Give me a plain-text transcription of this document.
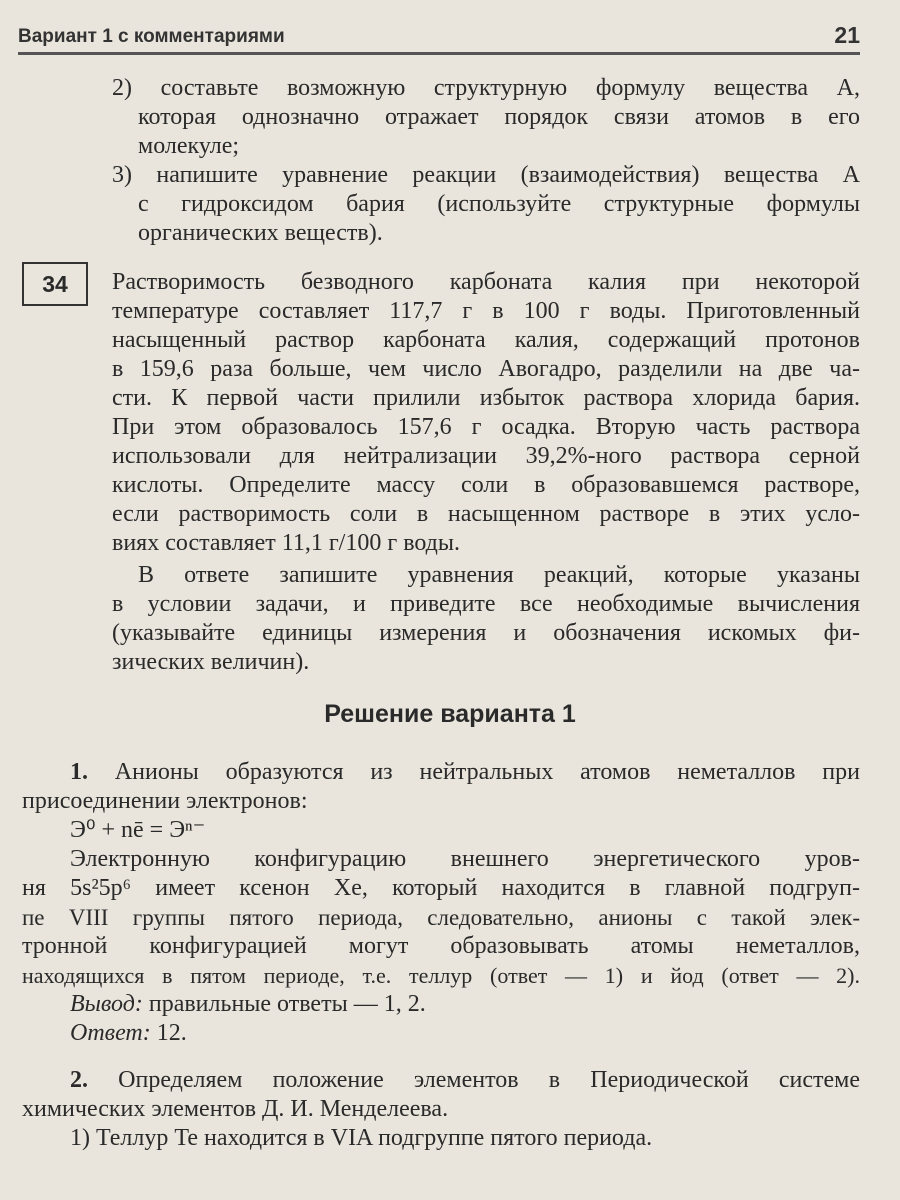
Вариант 1 с комментариями	21
2) составьте возможную структурную формулу вещества A,
которая однозначно отражает порядок связи атомов в его
молекуле;
3) напишите уравнение реакции (взаимодействия) вещества A
с гидроксидом бария (используйте структурные формулы
органических веществ).
34	Растворимость безводного карбоната калия при некоторой
температуре составляет 117,7 г в 100 г воды. Приготовленный
насыщенный раствор карбоната калия, содержащий протонов
в 159,6 раза больше, чем число Авогадро, разделили на две ча-
сти. К первой части прилили избыток раствора хлорида бария.
При этом образовалось 157,6 г осадка. Вторую часть раствора
использовали для нейтрализации 39,2%-ного раствора серной
кислоты. Определите массу соли в образовавшемся растворе,
если растворимость соли в насыщенном растворе в этих усло-
виях составляет 11,1 г/100 г воды.
В ответе запишите уравнения реакций, которые указаны
в условии задачи, и приведите все необходимые вычисления
(указывайте единицы измерения и обозначения искомых фи-
зических величин).
Решение варианта 1
1. Анионы образуются из нейтральных атомов неметаллов при
присоединении электронов:
Э⁰ + nē = Эⁿ⁻
Электронную конфигурацию внешнего энергетического уров-
ня 5s²5p⁶ имеет ксенон Xe, который находится в главной подгруп-
пе VIII группы пятого периода, следовательно, анионы с такой элек-
тронной конфигурацией могут образовывать атомы неметаллов,
находящихся в пятом периоде, т.е. теллур (ответ — 1) и йод (ответ — 2).
Вывод: правильные ответы — 1, 2.
Ответ: 12.
2. Определяем положение элементов в Периодической системе
химических элементов Д. И. Менделеева.
1) Теллур Te находится в VIA подгруппе пятого периода.
